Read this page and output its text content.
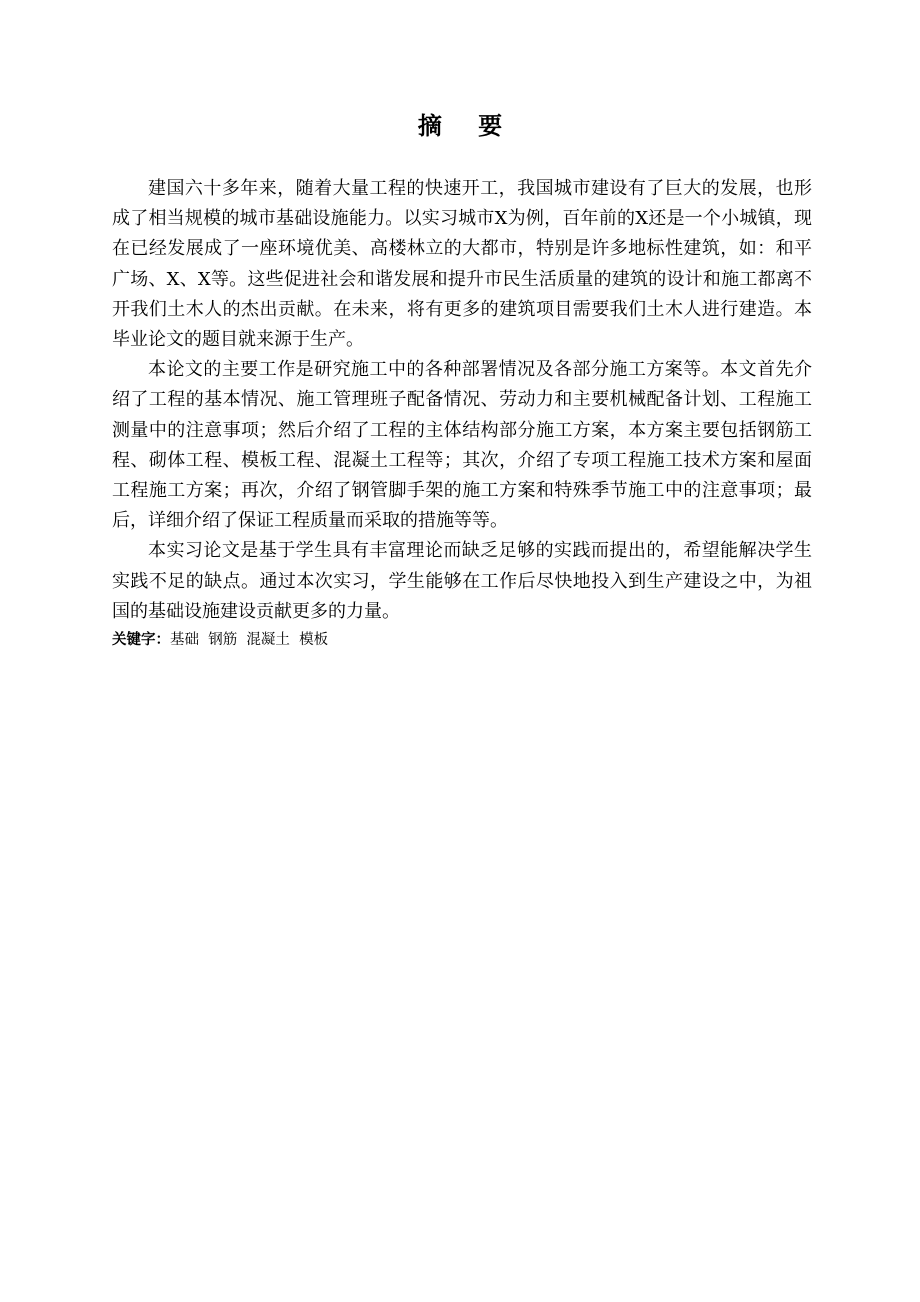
摘 要

建国六十多年来，随着大量工程的快速开工，我国城市建设有了巨大的发展，也形成了相当规模的城市基础设施能力。以实习城市X为例，百年前的X还是一个小城镇，现在已经发展成了一座环境优美、高楼林立的大都市，特别是许多地标性建筑，如：和平广场、X、X等。这些促进社会和谐发展和提升市民生活质量的建筑的设计和施工都离不开我们土木人的杰出贡献。在未来，将有更多的建筑项目需要我们土木人进行建造。本毕业论文的题目就来源于生产。

本论文的主要工作是研究施工中的各种部署情况及各部分施工方案等。本文首先介绍了工程的基本情况、施工管理班子配备情况、劳动力和主要机械配备计划、工程施工测量中的注意事项；然后介绍了工程的主体结构部分施工方案，本方案主要包括钢筋工程、砌体工程、模板工程、混凝土工程等；其次，介绍了专项工程施工技术方案和屋面工程施工方案；再次，介绍了钢管脚手架的施工方案和特殊季节施工中的注意事项；最后，详细介绍了保证工程质量而采取的措施等等。

本实习论文是基于学生具有丰富理论而缺乏足够的实践而提出的，希望能解决学生实践不足的缺点。通过本次实习，学生能够在工作后尽快地投入到生产建设之中，为祖国的基础设施建设贡献更多的力量。

关键字：基础  钢筋  混凝土  模板
